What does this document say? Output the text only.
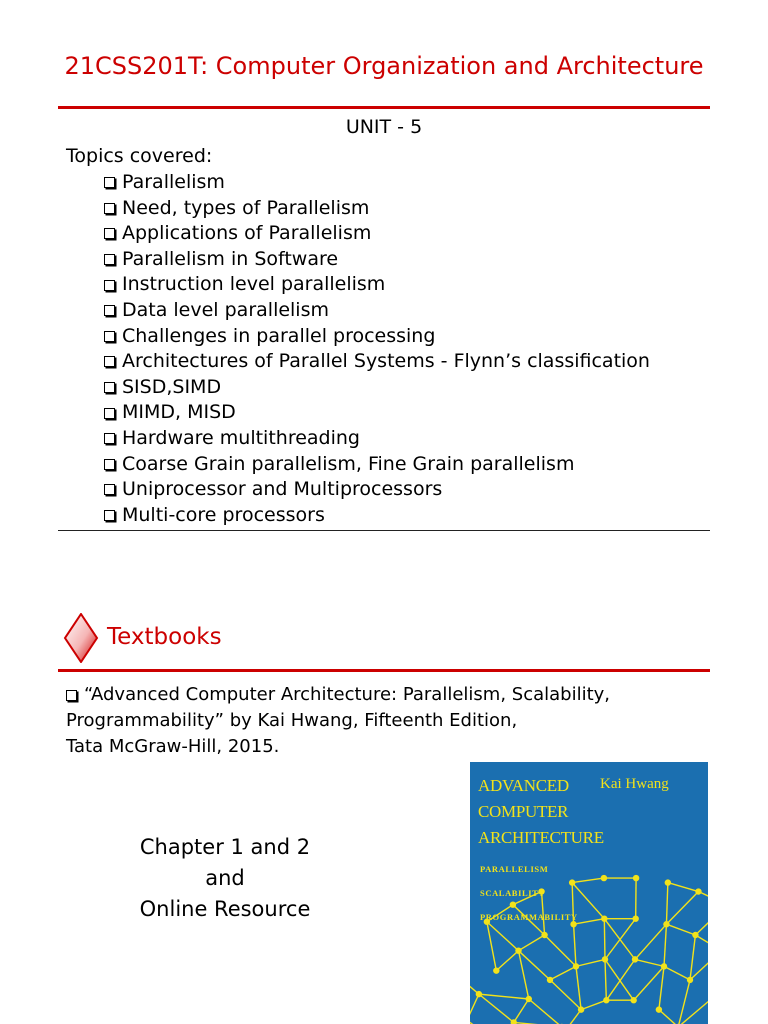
21CSS201T: Computer Organization and Architecture
UNIT - 5
Topics covered:
Parallelism
Need, types of Parallelism
Applications of Parallelism
Parallelism in Software
Instruction level parallelism
Data level parallelism
Challenges in parallel processing
Architectures of Parallel Systems - Flynn’s classification
SISD,SIMD
MIMD, MISD
Hardware multithreading
Coarse Grain parallelism, Fine Grain parallelism
Uniprocessor and Multiprocessors
Multi-core processors
Textbooks
“Advanced Computer Architecture: Parallelism, Scalability,
Programmability” by Kai Hwang, Fifteenth Edition,
Tata McGraw-Hill, 2015.
Chapter 1 and 2
and
Online Resource
ADVANCED
COMPUTER
ARCHITECTURE
Kai Hwang
PARALLELISM
SCALABILITY
PROGRAMMABILITY
